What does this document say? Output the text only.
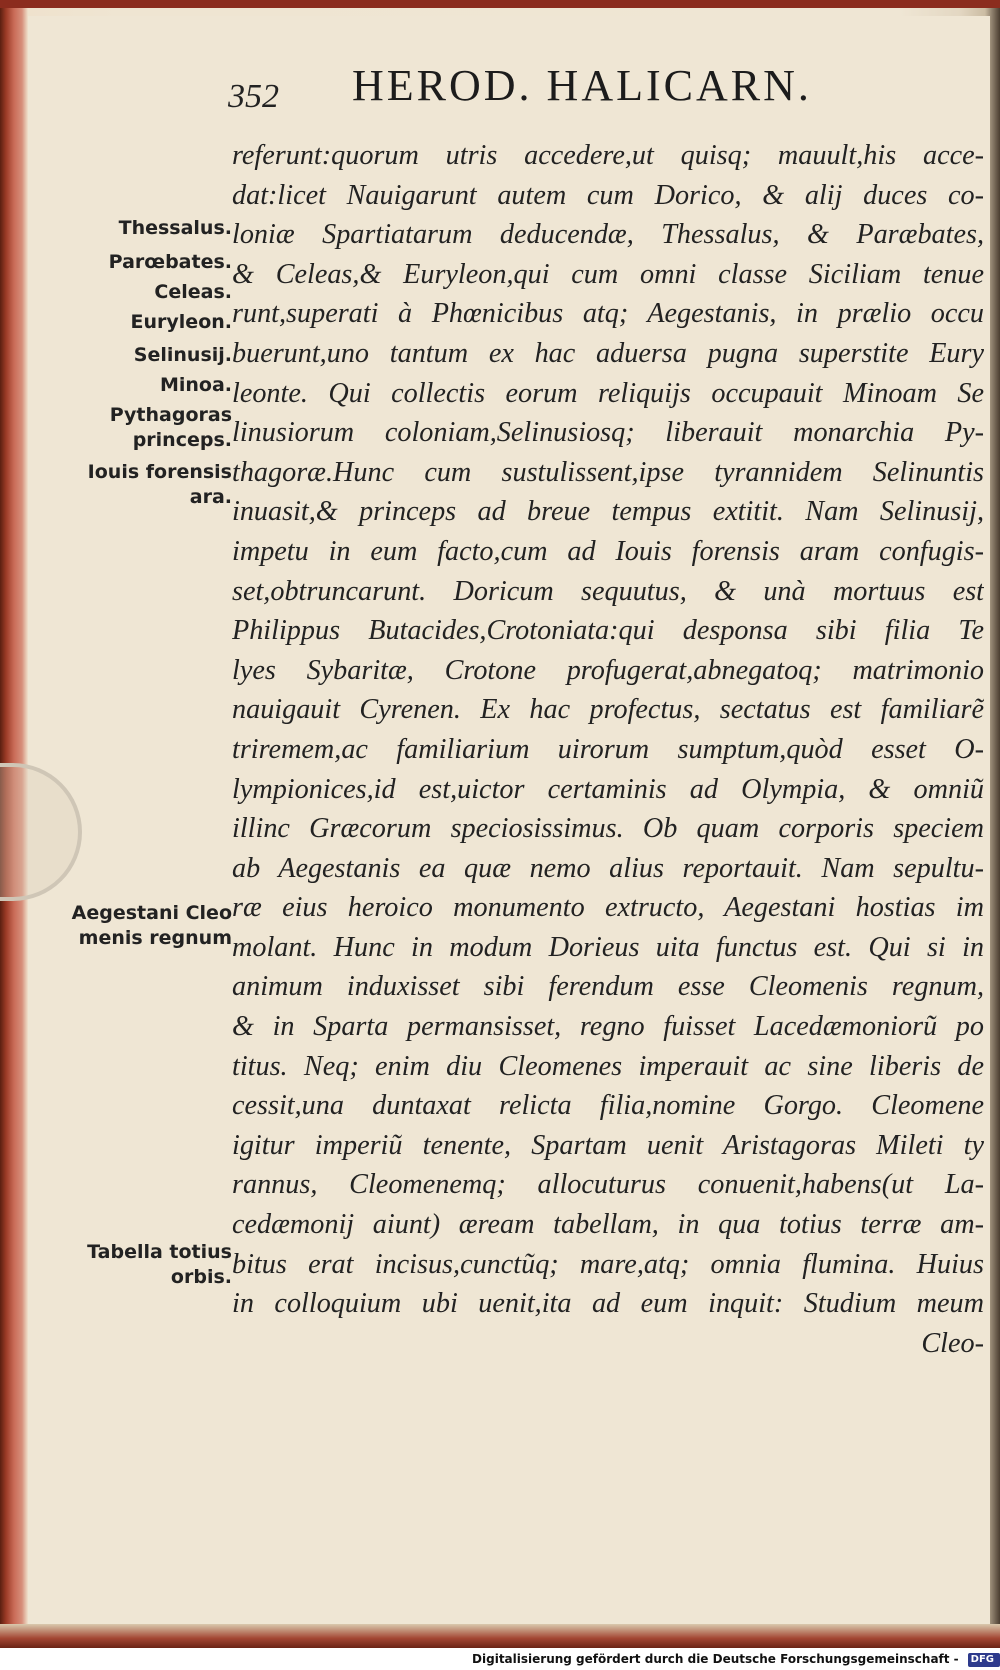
352 HEROD. HALICARN.
referunt:quorum utris accedere,ut quisq; mauult,his acce-
dat:licet Nauigarunt autem cum Dorico, & alij duces co-
loniæ Spartiatarum deducendæ, Thessalus, & Paræbates,
& Celeas,& Euryleon,qui cum omni classe Siciliam tenue
runt,superati à Phœnicibus atq; Aegestanis, in prælio occu
buerunt,uno tantum ex hac aduersa pugna superstite Eury
leonte. Qui collectis eorum reliquijs occupauit Minoam Se
linusiorum coloniam,Selinusiosq; liberauit monarchia Py-
thagoræ.Hunc cum sustulissent,ipse tyrannidem Selinuntis
inuasit,& princeps ad breue tempus extitit. Nam Selinusij,
impetu in eum facto,cum ad Iouis forensis aram confugis-
set,obtruncarunt. Doricum sequutus, & unà mortuus est
Philippus Butacides,Crotoniata:qui desponsa sibi filia Te
lyes Sybaritæ, Crotone profugerat,abnegatoq; matrimonio
nauigauit Cyrenen. Ex hac profectus, sectatus est familiarẽ
triremem,ac familiarium uirorum sumptum,quòd esset O-
lympionices,id est,uictor certaminis ad Olympia, & omniũ
illinc Græcorum speciosissimus. Ob quam corporis speciem
ab Aegestanis ea quæ nemo alius reportauit. Nam sepultu-
ræ eius heroico monumento extructo, Aegestani hostias im
molant. Hunc in modum Dorieus uita functus est. Qui si in
animum induxisset sibi ferendum esse Cleomenis regnum,
& in Sparta permansisset, regno fuisset Lacedæmoniorũ po
titus. Neq; enim diu Cleomenes imperauit ac sine liberis de
cessit,una duntaxat relicta filia,nomine Gorgo. Cleomene
igitur imperiũ tenente, Spartam uenit Aristagoras Mileti ty
rannus, Cleomenemq; allocuturus conuenit,habens(ut La-
cedæmonij aiunt) æream tabellam, in qua totius terræ am-
bitus erat incisus,cunctũq; mare,atq; omnia flumina. Huius
in colloquium ubi uenit,ita ad eum inquit: Studium meum
Cleo-
Thessalus.
Parœbates.
Celeas.
Euryleon.
Selinusij.
Minoa.
Pythagoras
princeps.
Iouis forensis
ara.
Aegestani Cleo
menis regnum
Tabella totius
orbis.
Digitalisierung gefördert durch die Deutsche Forschungsgemeinschaft - DFG
